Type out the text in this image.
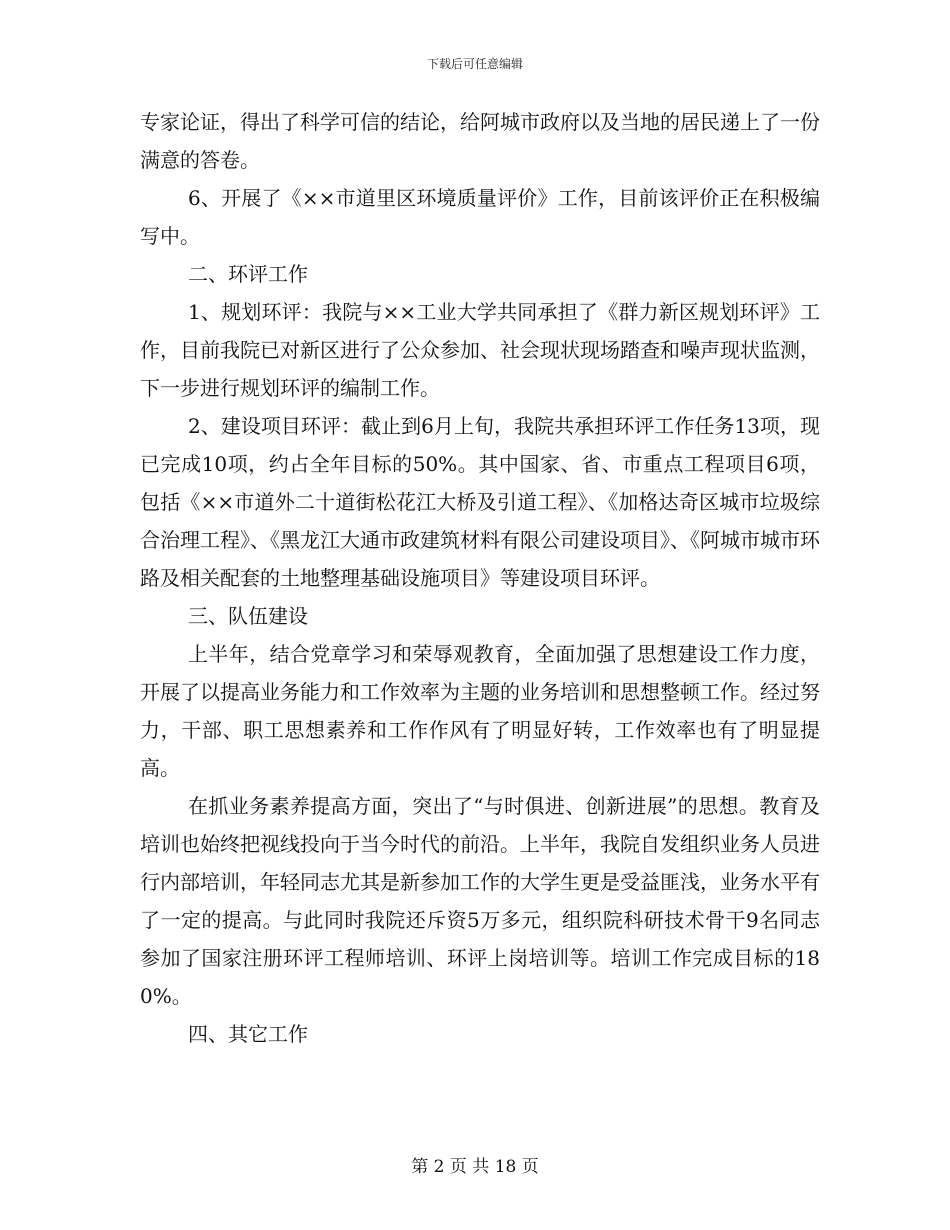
下载后可任意编辑

专家论证，得出了科学可信的结论，给阿城市政府以及当地的居民递上了一份满意的答卷。

6、开展了《××市道里区环境质量评价》工作，目前该评价正在积极编写中。

二、环评工作

1、规划环评：我院与××工业大学共同承担了《群力新区规划环评》工作，目前我院已对新区进行了公众参加、社会现状现场踏查和噪声现状监测，下一步进行规划环评的编制工作。

2、建设项目环评：截止到6月上旬，我院共承担环评工作任务13项，现已完成10项，约占全年目标的50%。其中国家、省、市重点工程项目6项，包括《××市道外二十道街松花江大桥及引道工程》、《加格达奇区城市垃圾综合治理工程》、《黑龙江大通市政建筑材料有限公司建设项目》、《阿城市城市环路及相关配套的土地整理基础设施项目》等建设项目环评。

三、队伍建设

上半年，结合党章学习和荣辱观教育，全面加强了思想建设工作力度，开展了以提高业务能力和工作效率为主题的业务培训和思想整顿工作。经过努力，干部、职工思想素养和工作作风有了明显好转，工作效率也有了明显提高。

在抓业务素养提高方面，突出了“与时俱进、创新进展”的思想。教育及培训也始终把视线投向于当今时代的前沿。上半年，我院自发组织业务人员进行内部培训，年轻同志尤其是新参加工作的大学生更是受益匪浅，业务水平有了一定的提高。与此同时我院还斥资5万多元，组织院科研技术骨干9名同志参加了国家注册环评工程师培训、环评上岗培训等。培训工作完成目标的180%。

四、其它工作

第 2 页 共 18 页
